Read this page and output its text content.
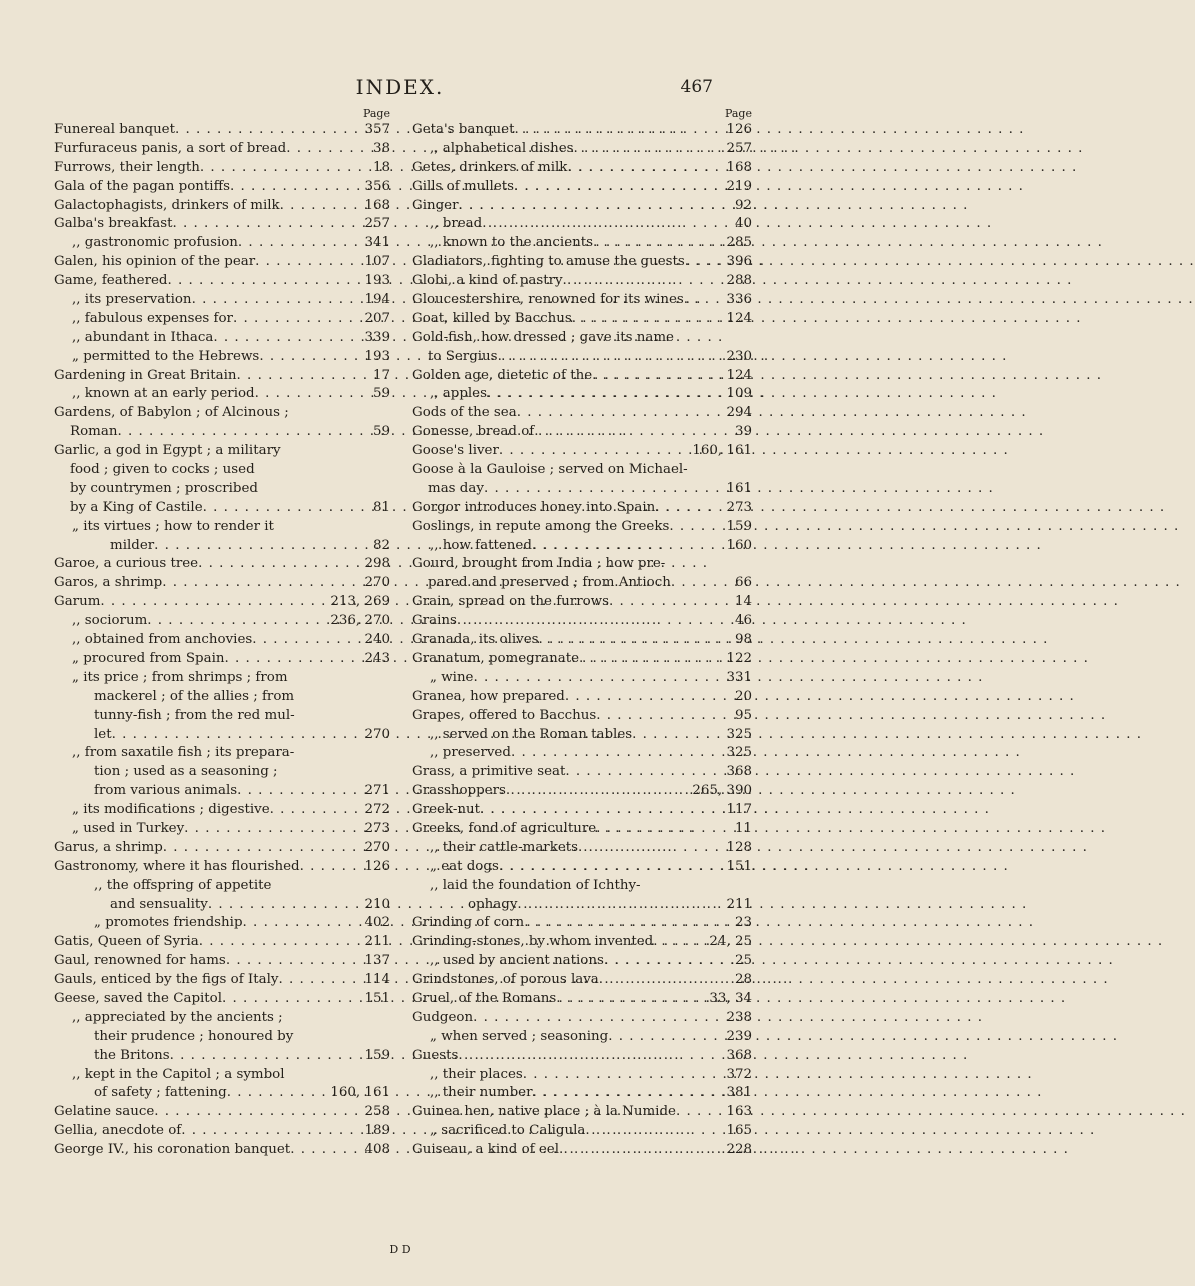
INDEX.	467
Page
Funereal banquet . . .	357
Furfuraceus panis, a sort of bread . . .	38
Furrows, their length . . .	18
Gala of the pagan pontiffs . . .	356
Galactophagists, drinkers of milk . . .	168
Galba's breakfast . . .	257
,, gastronomic profusion . . .	341
Galen, his opinion of the pear . . .	107
Game, feathered . . .	193
,, its preservation . . .	194
,, fabulous expenses for . . .	207
,, abundant in Ithaca . . .	339
„ permitted to the Hebrews . . .	193
Gardening in Great Britain . . .	17
,, known at an early period . . .	59
Gardens, of Babylon ; of Alcinous ;
Roman . . .	59
Garlic, a god in Egypt ; a military
food ; given to cocks ; used
by countrymen ; proscribed
by a King of Castile . . .	81
„ its virtues ; how to render it
milder . . .	82
Garoe, a curious tree . . .	298
Garos, a shrimp . . .	270
Garum . . .	213, 269
,, sociorum . . .	236, 270
,, obtained from anchovies . . .	240
„ procured from Spain . . .	243
„ its price ; from shrimps ; from
mackerel ; of the allies ; from
tunny-fish ; from the red mul-
let . . .	270
,, from saxatile fish ; its prepara-
tion ; used as a seasoning ;
from various animals . . .	271
„ its modifications ; digestive . . .	272
„ used in Turkey . . .	273
Garus, a shrimp . . .	270
Gastronomy, where it has flourished . . .	126
,, the offspring of appetite
and sensuality . . .	210
„ promotes friendship . . .	402
Gatis, Queen of Syria . . .	211
Gaul, renowned for hams . . .	137
Gauls, enticed by the figs of Italy . . .	114
Geese, saved the Capitol . . .	151
,, appreciated by the ancients ;
their prudence ; honoured by
the Britons . . .	159
,, kept in the Capitol ; a symbol
of safety ; fattening . . .	160, 161
Gelatine sauce . . .	258
Gellia, anecdote of . . .	189
George IV., his coronation banquet . . .	408
Page
Geta's banquet . . .	126
,, alphabetical dishes . . .	257
Getes, drinkers of milk . . .	168
Gills of mullets . . .	219
Ginger . . .	92
,, bread . . .	40
,, known to the ancients . . .	285
Gladiators, fighting to amuse the guests . . .	396
Globi, a kind of pastry . . .	288
Gloucestershire, renowned for its wines . . .	336
Goat, killed by Bacchus . . .	124
Gold-fish, how dressed ; gave its name
to Sergius . . .	230
Golden age, dietetic of the . . .	124
,, apples . . .	109
Gods of the sea . . .	294
Gonesse, bread of . . .	39
Goose's liver . . .	160, 161
Goose à la Gauloise ; served on Michael-
mas day . . .	161
Gorgor introduces honey into Spain . . .	273
Goslings, in repute among the Greeks . . .	159
,, how fattened . . .	160
Gourd, brought from India ; how pre-
pared and preserved ; from Antioch . . .	66
Grain, spread on the furrows . . .	14
Grains . . .	46
Granada, its olives . . .	98
Granatum, pomegranate . . .	122
„ wine . . .	331
Granea, how prepared . . .	20
Grapes, offered to Bacchus . . .	95
,, served on the Roman tables . . .	325
,, preserved . . .	325
Grass, a primitive seat . . .	368
Grasshoppers . . .	265, 390
Greek-nut . . .	117
Greeks, fond of agriculture . . .	11
,, their cattle-markets . . .	128
„ eat dogs . . .	151
,, laid the foundation of Ichthy-
ophagy . . .	211
Grinding of corn . . .	23
Grinding-stones, by whom invented . . .	24, 25
,, used by ancient nations . . .	25
Grindstones, of porous lava . . .	28
Gruel, of the Romans . . .	33, 34
Gudgeon . . .	238
„ when served ; seasoning . . .	239
Guests . . .	368
,, their places . . .	372
,, their number . . .	381
Guinea hen, native place ; à la Numide . . .	163
„ sacrificed to Caligula . . .	165
Guiseau, a kind of eel . . .	228
D D
